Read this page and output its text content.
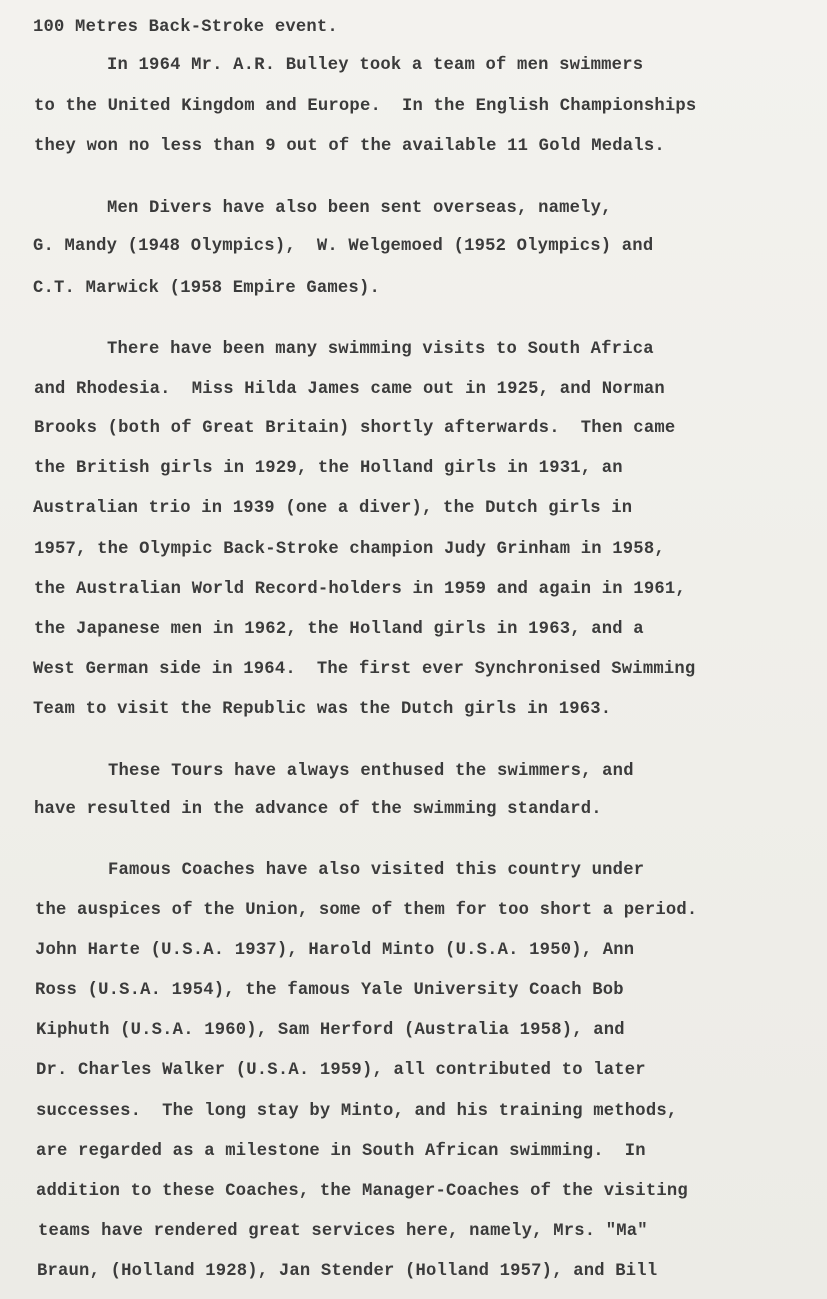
100 Metres Back-Stroke event.
In 1964 Mr. A.R. Bulley took a team of men swimmers
to the United Kingdom and Europe.  In the English Championships
they won no less than 9 out of the available 11 Gold Medals.
Men Divers have also been sent overseas, namely,
G. Mandy (1948 Olympics),  W. Welgemoed (1952 Olympics) and
C.T. Marwick (1958 Empire Games).
There have been many swimming visits to South Africa
and Rhodesia.  Miss Hilda James came out in 1925, and Norman
Brooks (both of Great Britain) shortly afterwards.  Then came
the British girls in 1929, the Holland girls in 1931, an
Australian trio in 1939 (one a diver), the Dutch girls in
1957, the Olympic Back-Stroke champion Judy Grinham in 1958,
the Australian World Record-holders in 1959 and again in 1961,
the Japanese men in 1962, the Holland girls in 1963, and a
West German side in 1964.  The first ever Synchronised Swimming
Team to visit the Republic was the Dutch girls in 1963.
These Tours have always enthused the swimmers, and
have resulted in the advance of the swimming standard.
Famous Coaches have also visited this country under
the auspices of the Union, some of them for too short a period.
John Harte (U.S.A. 1937), Harold Minto (U.S.A. 1950), Ann
Ross (U.S.A. 1954), the famous Yale University Coach Bob
Kiphuth (U.S.A. 1960), Sam Herford (Australia 1958), and
Dr. Charles Walker (U.S.A. 1959), all contributed to later
successes.  The long stay by Minto, and his training methods,
are regarded as a milestone in South African swimming.  In
addition to these Coaches, the Manager-Coaches of the visiting
teams have rendered great services here, namely, Mrs. "Ma"
Braun, (Holland 1928), Jan Stender (Holland 1957), and Bill
